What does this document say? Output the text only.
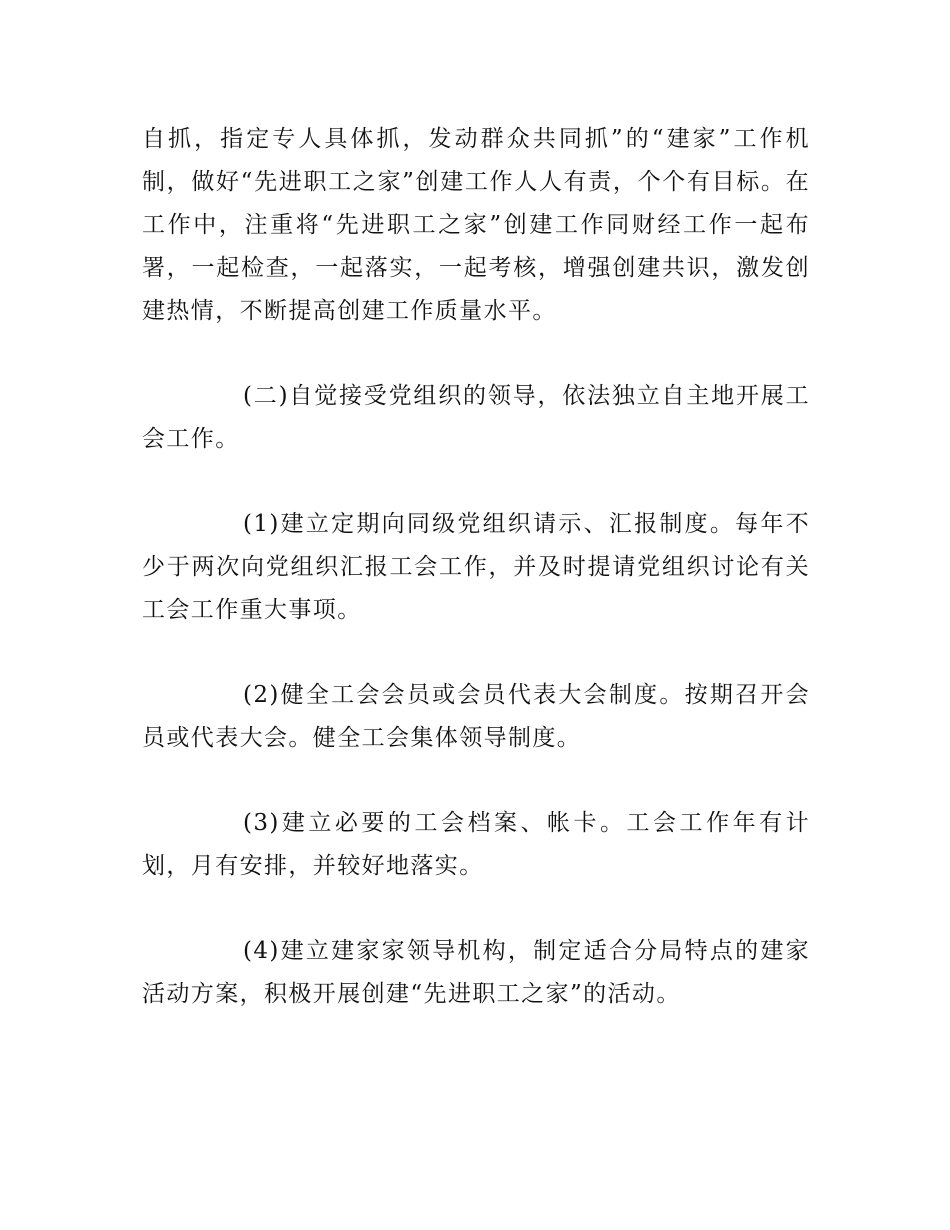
自抓，指定专人具体抓，发动群众共同抓”的“建家”工作机制，做好“先进职工之家”创建工作人人有责，个个有目标。在工作中，注重将“先进职工之家”创建工作同财经工作一起布署，一起检查，一起落实，一起考核，增强创建共识，激发创建热情，不断提高创建工作质量水平。

(二)自觉接受党组织的领导，依法独立自主地开展工会工作。

(1)建立定期向同级党组织请示、汇报制度。每年不少于两次向党组织汇报工会工作，并及时提请党组织讨论有关工会工作重大事项。

(2)健全工会会员或会员代表大会制度。按期召开会员或代表大会。健全工会集体领导制度。

(3)建立必要的工会档案、帐卡。工会工作年有计划，月有安排，并较好地落实。

(4)建立建家家领导机构，制定适合分局特点的建家活动方案，积极开展创建“先进职工之家”的活动。
